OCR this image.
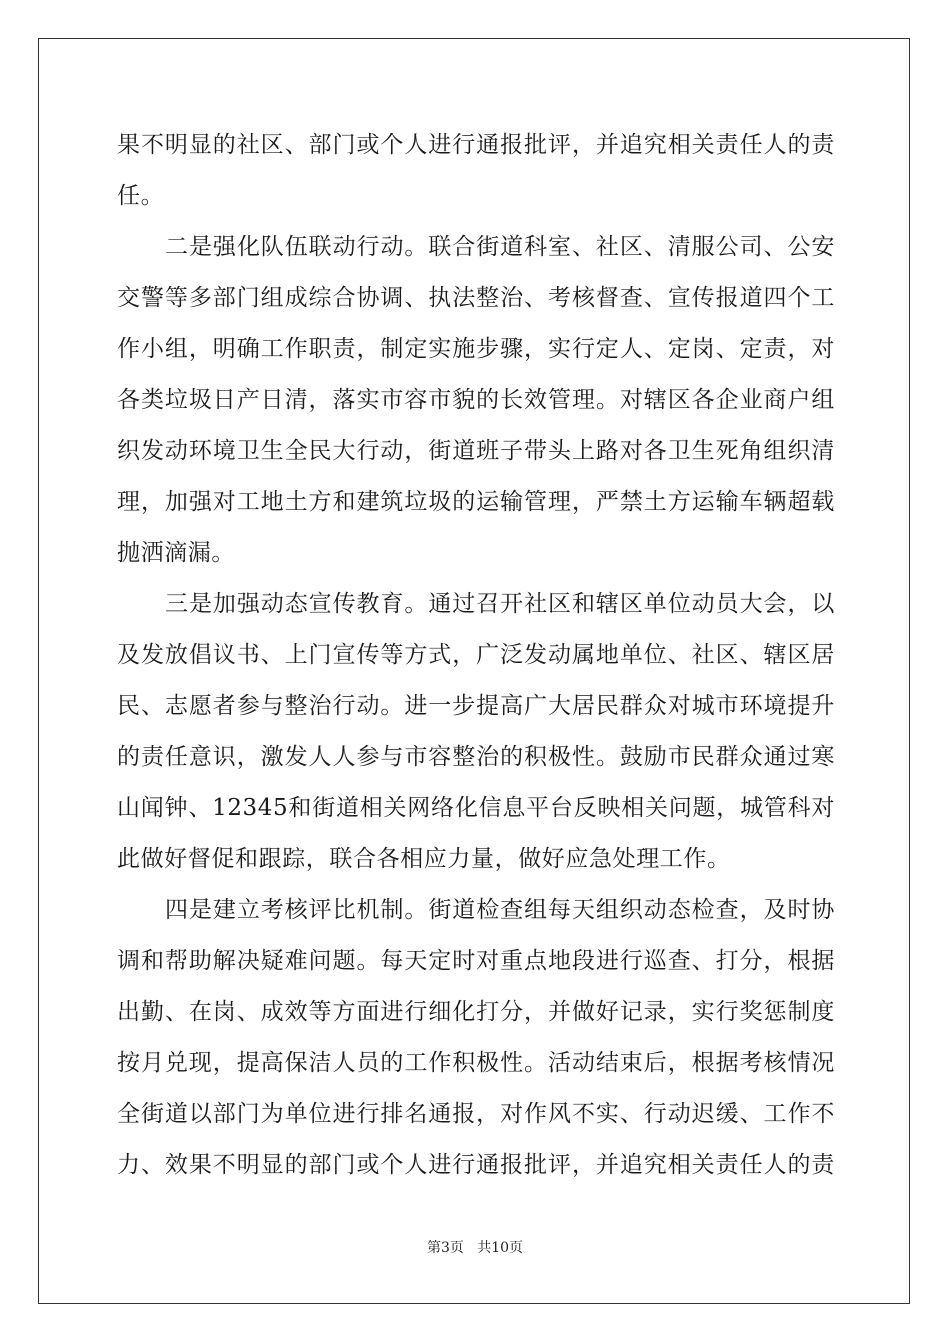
果不明显的社区、部门或个人进行通报批评，并追究相关责任人的责
任。
二是强化队伍联动行动。联合街道科室、社区、清服公司、公安
交警等多部门组成综合协调、执法整治、考核督查、宣传报道四个工
作小组，明确工作职责，制定实施步骤，实行定人、定岗、定责，对
各类垃圾日产日清，落实市容市貌的长效管理。对辖区各企业商户组
织发动环境卫生全民大行动，街道班子带头上路对各卫生死角组织清
理，加强对工地土方和建筑垃圾的运输管理，严禁土方运输车辆超载
抛洒滴漏。
三是加强动态宣传教育。通过召开社区和辖区单位动员大会，以
及发放倡议书、上门宣传等方式，广泛发动属地单位、社区、辖区居
民、志愿者参与整治行动。进一步提高广大居民群众对城市环境提升
的责任意识，激发人人参与市容整治的积极性。鼓励市民群众通过寒
山闻钟、12345和街道相关网络化信息平台反映相关问题，城管科对
此做好督促和跟踪，联合各相应力量，做好应急处理工作。
四是建立考核评比机制。街道检查组每天组织动态检查，及时协
调和帮助解决疑难问题。每天定时对重点地段进行巡查、打分，根据
出勤、在岗、成效等方面进行细化打分，并做好记录，实行奖惩制度
按月兑现，提高保洁人员的工作积极性。活动结束后，根据考核情况
全街道以部门为单位进行排名通报，对作风不实、行动迟缓、工作不
力、效果不明显的部门或个人进行通报批评，并追究相关责任人的责
第3页   共10页
